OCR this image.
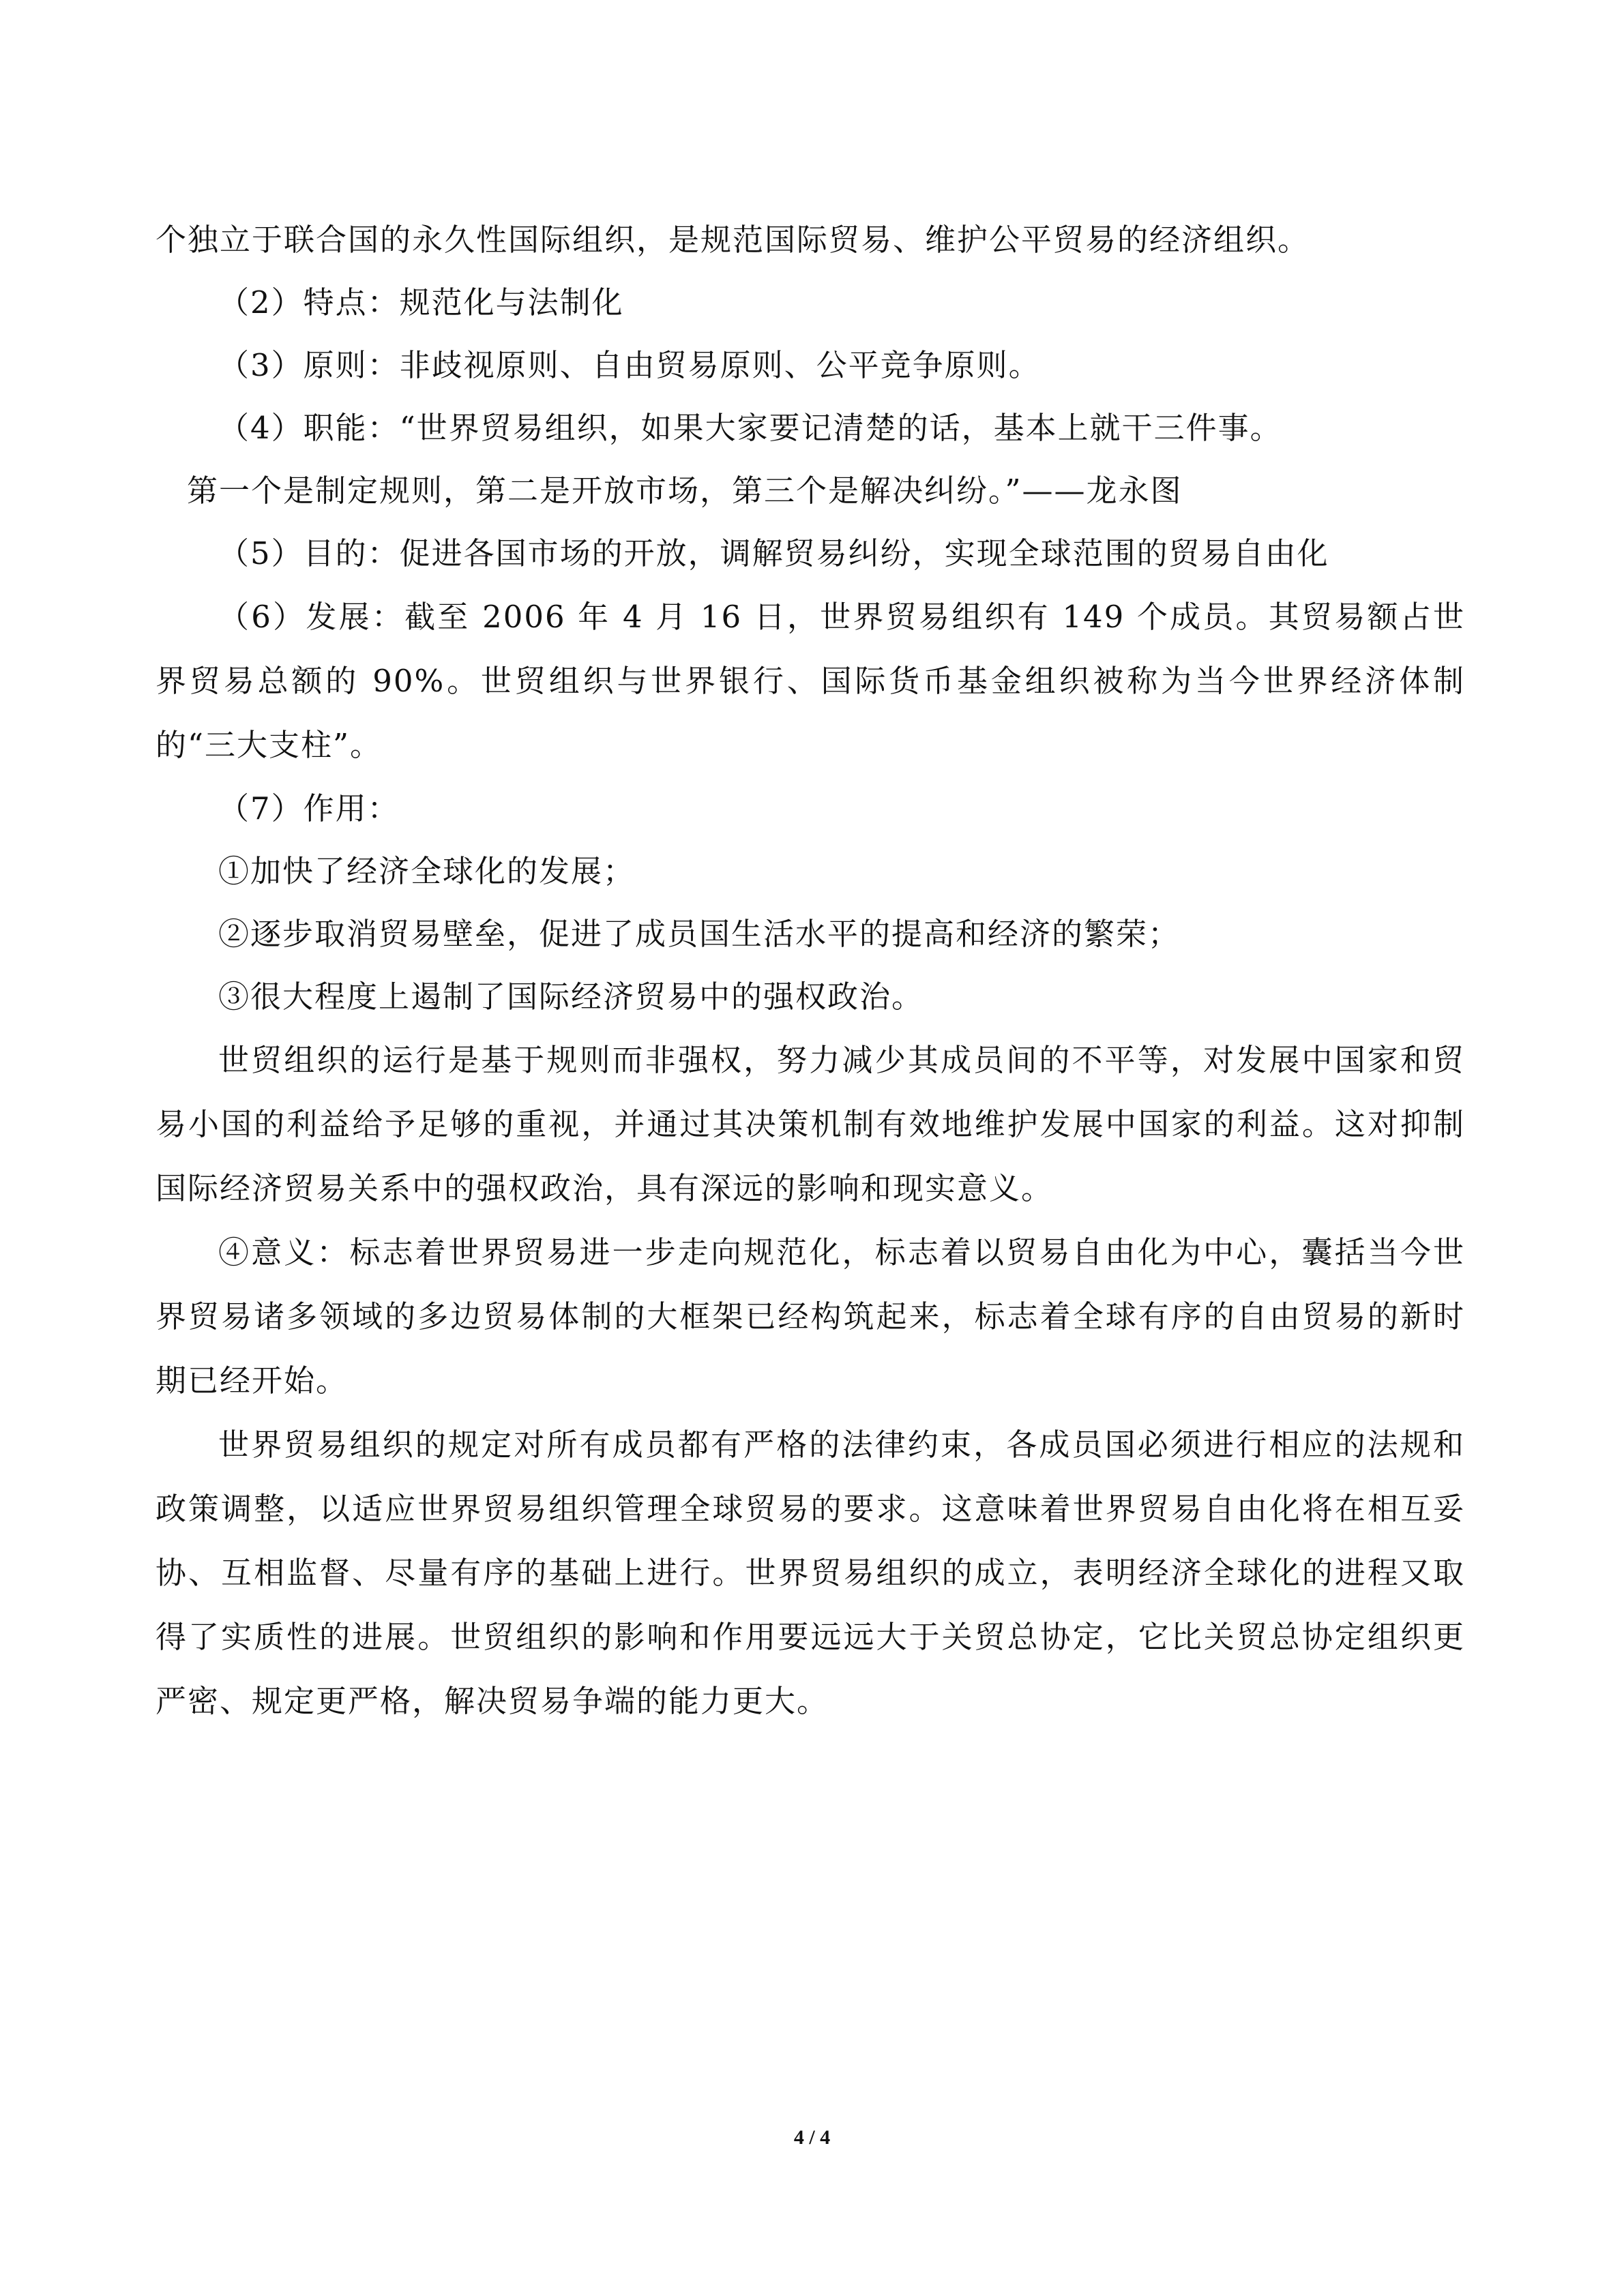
个独立于联合国的永久性国际组织，是规范国际贸易、维护公平贸易的经济组织。
（2）特点：规范化与法制化
（3）原则：非歧视原则、自由贸易原则、公平竞争原则。
（4）职能：“世界贸易组织，如果大家要记清楚的话，基本上就干三件事。
第一个是制定规则，第二是开放市场，第三个是解决纠纷。”——龙永图
（5）目的：促进各国市场的开放，调解贸易纠纷，实现全球范围的贸易自由化
（6）发展：截至 2006 年 4 月 16 日，世界贸易组织有 149 个成员。其贸易额占世界贸易总额的 90%。世贸组织与世界银行、国际货币基金组织被称为当今世界经济体制的“三大支柱”。
（7）作用：
①加快了经济全球化的发展；
②逐步取消贸易壁垒，促进了成员国生活水平的提高和经济的繁荣；
③很大程度上遏制了国际经济贸易中的强权政治。
世贸组织的运行是基于规则而非强权，努力减少其成员间的不平等，对发展中国家和贸易小国的利益给予足够的重视，并通过其决策机制有效地维护发展中国家的利益。这对抑制国际经济贸易关系中的强权政治，具有深远的影响和现实意义。
④意义：标志着世界贸易进一步走向规范化，标志着以贸易自由化为中心，囊括当今世界贸易诸多领域的多边贸易体制的大框架已经构筑起来，标志着全球有序的自由贸易的新时期已经开始。
世界贸易组织的规定对所有成员都有严格的法律约束，各成员国必须进行相应的法规和政策调整，以适应世界贸易组织管理全球贸易的要求。这意味着世界贸易自由化将在相互妥协、互相监督、尽量有序的基础上进行。世界贸易组织的成立，表明经济全球化的进程又取得了实质性的进展。世贸组织的影响和作用要远远大于关贸总协定，它比关贸总协定组织更严密、规定更严格，解决贸易争端的能力更大。
4 / 4
